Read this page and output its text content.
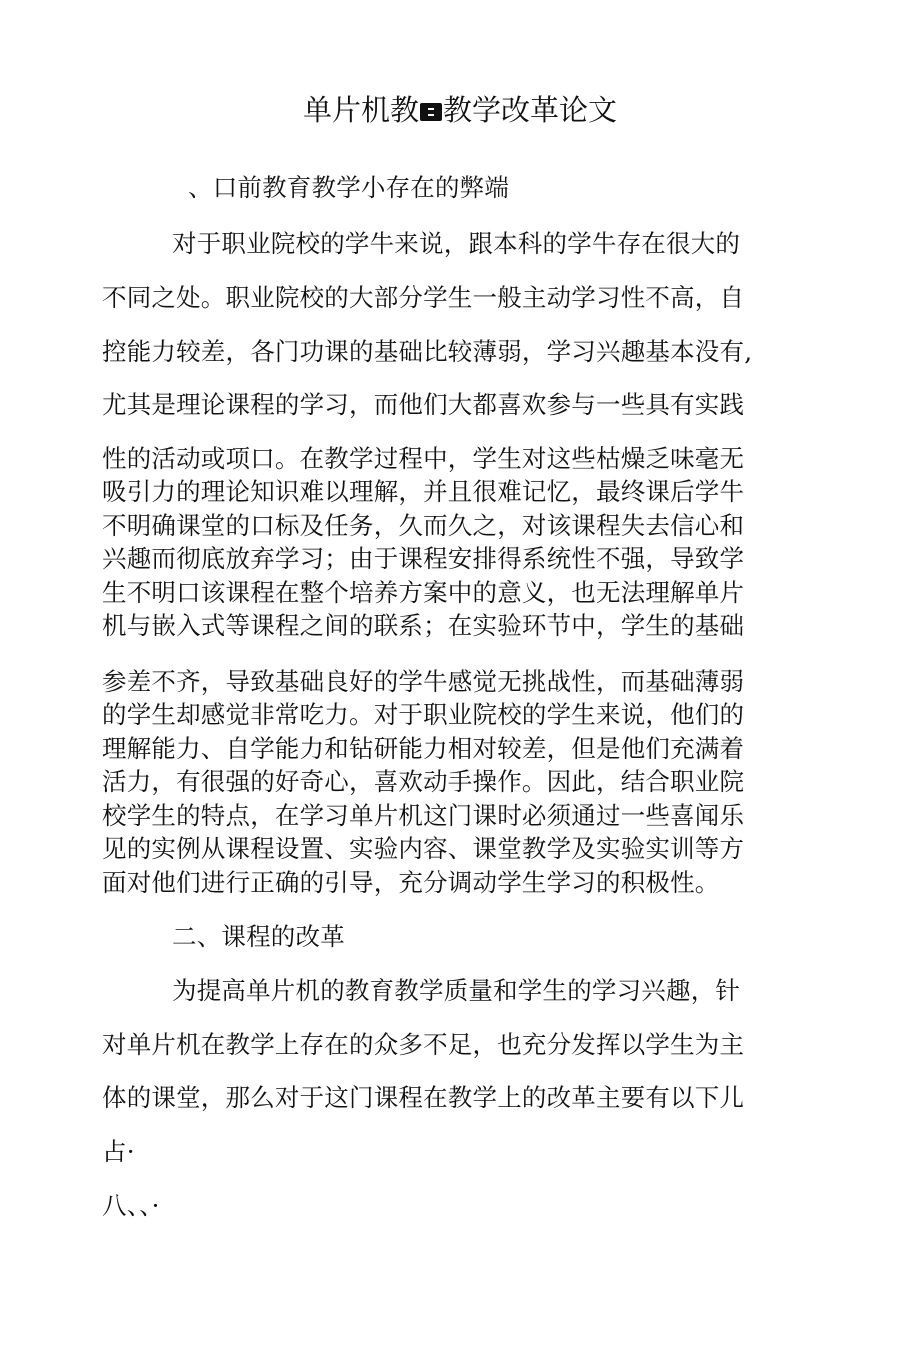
单片机教 教学改革论文
、口前教育教学小存在的弊端
对于职业院校的学牛来说，跟本科的学牛存在很大的
不同之处。职业院校的大部分学生一般主动学习性不高，自
控能力较差，各门功课的基础比较薄弱，学习兴趣基本没有,
尤其是理论课程的学习，而他们大都喜欢参与一些具有实践
性的活动或项口。在教学过程中，学生对这些枯燥乏味毫无
吸引力的理论知识难以理解，并且很难记忆，最终课后学牛
不明确课堂的口标及任务，久而久之，对该课程失去信心和
兴趣而彻底放弃学习；由于课程安排得系统性不强，导致学
生不明口该课程在整个培养方案中的意义，也无法理解单片
机与嵌入式等课程之间的联系；在实验环节中，学生的基础
参差不齐，导致基础良好的学牛感觉无挑战性，而基础薄弱
的学生却感觉非常吃力。对于职业院校的学生来说，他们的
理解能力、自学能力和钻研能力相对较差，但是他们充满着
活力，有很强的好奇心，喜欢动手操作。因此，结合职业院
校学生的特点，在学习单片机这门课时必须通过一些喜闻乐
见的实例从课程设置、实验内容、课堂教学及实验实训等方
面对他们进行正确的引导，充分调动学生学习的积极性。
二、课程的改革
为提高单片机的教育教学质量和学生的学习兴趣，针
对单片机在教学上存在的众多不足，也充分发挥以学生为主
体的课堂，那么对于这门课程在教学上的改革主要有以下儿
占·
八、、·
